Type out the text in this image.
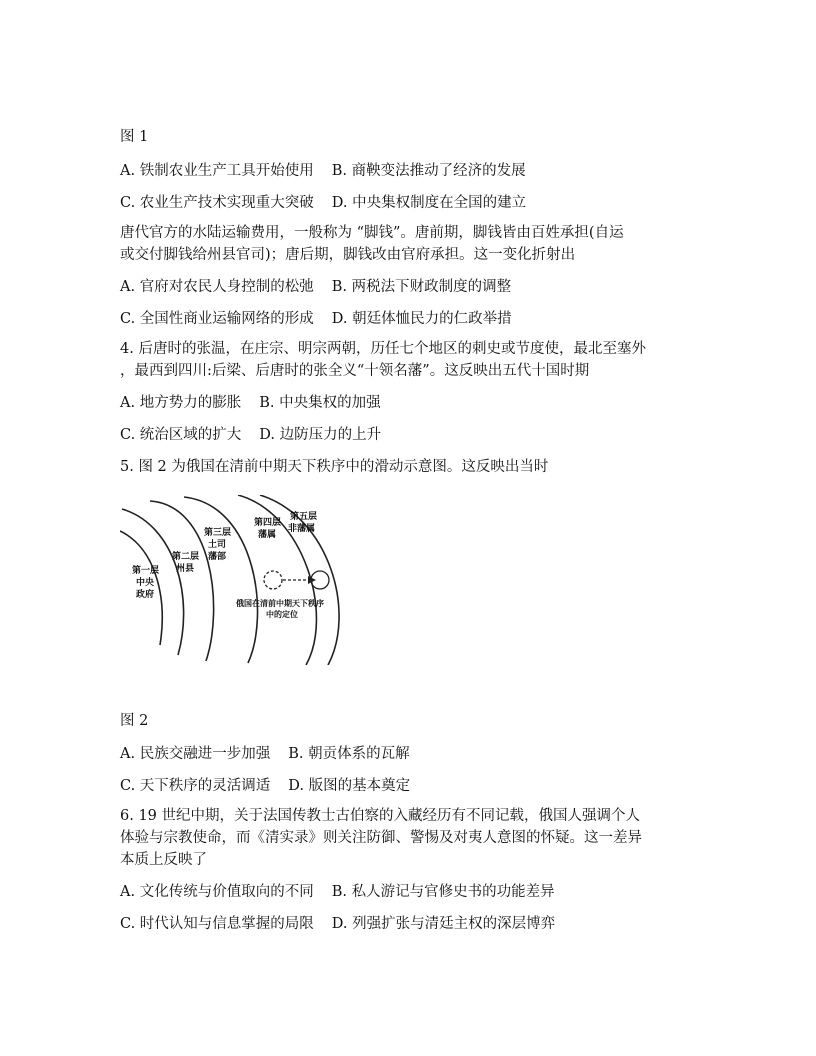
图 1

A. 铁制农业生产工具开始使用 B. 商鞅变法推动了经济的发展

C. 农业生产技术实现重大突破 D. 中央集权制度在全国的建立

唐代官方的水陆运输费用，一般称为 “脚钱”。唐前期，脚钱皆由百姓承担(自运

或交付脚钱给州县官司)；唐后期，脚钱改由官府承担。这一变化折射出

A. 官府对农民人身控制的松弛 B. 两税法下财政制度的调整

C. 全国性商业运输网络的形成 D. 朝廷体恤民力的仁政举措

4. 后唐时的张温，在庄宗、明宗两朝，历任七个地区的刺史或节度使，最北至塞外

，最西到四川:后梁、后唐时的张全义“十领名藩”。这反映出五代十国时期

A. 地方势力的膨胀 B. 中央集权的加强

C. 统治区域的扩大 D. 边防压力的上升

5. 图 2 为俄国在清前中期天下秩序中的滑动示意图。这反映出当时

第一层
中央
政府
第二层
州县
第三层
土司
藩部
第四层
藩属
第五层
非藩属
俄国在清前中期天下秩序
中的定位

图 2

A. 民族交融进一步加强 B. 朝贡体系的瓦解

C. 天下秩序的灵活调适 D. 版图的基本奠定

6. 19 世纪中期，关于法国传教士古伯察的入藏经历有不同记载，俄国人强调个人

体验与宗教使命，而《清实录》则关注防御、警惕及对夷人意图的怀疑。这一差异

本质上反映了

A. 文化传统与价值取向的不同 B. 私人游记与官修史书的功能差异

C. 时代认知与信息掌握的局限 D. 列强扩张与清廷主权的深层博弈
